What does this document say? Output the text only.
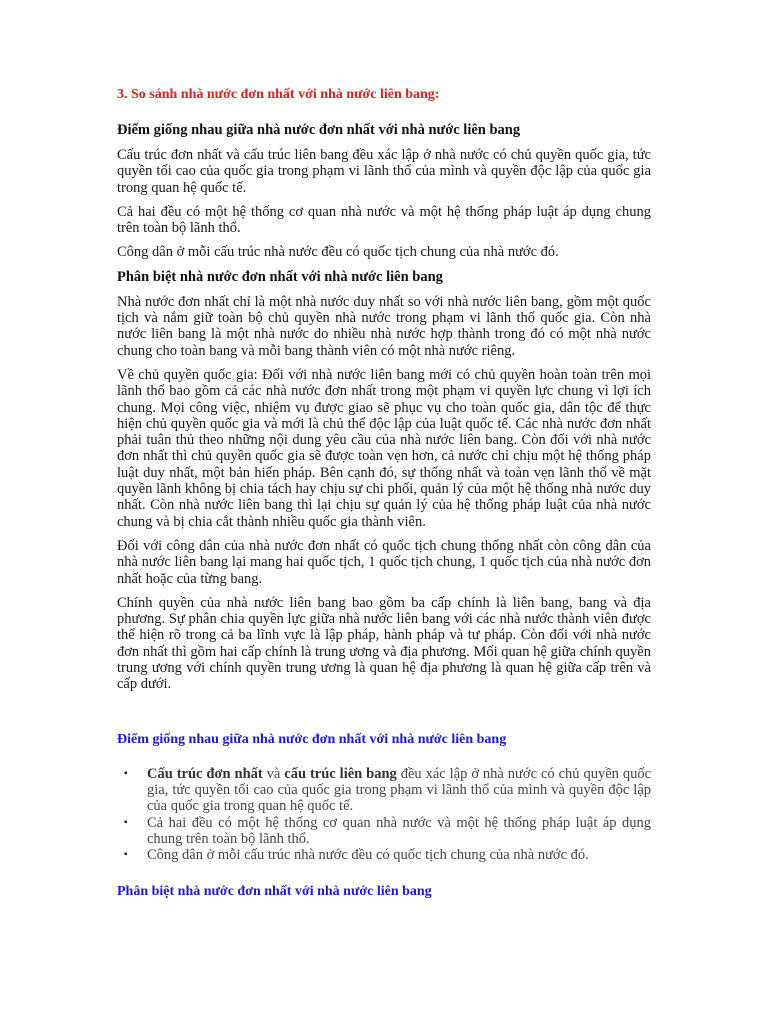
3. So sánh nhà nước đơn nhất với nhà nước liên bang:

Điểm giống nhau giữa nhà nước đơn nhất với nhà nước liên bang

Cấu trúc đơn nhất và cấu trúc liên bang đều xác lập ở nhà nước có chủ quyền quốc gia, tức quyền tối cao của quốc gia trong phạm vi lãnh thổ của mình và quyền độc lập của quốc gia trong quan hệ quốc tế.

Cả hai đều có một hệ thống cơ quan nhà nước và một hệ thống pháp luật áp dụng chung trên toàn bộ lãnh thổ.

Công dân ở mỗi cấu trúc nhà nước đều có quốc tịch chung của nhà nước đó.

Phân biệt nhà nước đơn nhất với nhà nước liên bang

Nhà nước đơn nhất chỉ là một nhà nước duy nhất so với nhà nước liên bang, gồm một quốc tịch và nắm giữ toàn bộ chủ quyền nhà nước trong phạm vi lãnh thổ quốc gia. Còn nhà nước liên bang là một nhà nước do nhiều nhà nước hợp thành trong đó có một nhà nước chung cho toàn bang và mỗi bang thành viên có một nhà nước riêng.

Về chủ quyền quốc gia: Đối với nhà nước liên bang mới có chủ quyền hoàn toàn trên mọi lãnh thổ bao gồm cả các nhà nước đơn nhất trong một phạm vi quyền lực chung vì lợi ích chung. Mọi công việc, nhiệm vụ được giao sẽ phục vụ cho toàn quốc gia, dân tộc để thực hiện chủ quyền quốc gia và mới là chủ thể độc lập của luật quốc tế. Các nhà nước đơn nhất phải tuân thủ theo những nội dung yêu cầu của nhà nước liên bang. Còn đối với nhà nước đơn nhất thì chủ quyền quốc gia sẽ được toàn vẹn hơn, cả nước chỉ chịu một hệ thống pháp luật duy nhất, một bản hiến pháp. Bên cạnh đó, sự thống nhất và toàn vẹn lãnh thổ về mặt quyền lãnh không bị chia tách hay chịu sự chi phối, quản lý của một hệ thống nhà nước duy nhất. Còn nhà nước liên bang thì lại chịu sự quản lý của hệ thống pháp luật của nhà nước chung và bị chia cắt thành nhiều quốc gia thành viên.

Đối với công dân của nhà nước đơn nhất có quốc tịch chung thống nhất còn công dân của nhà nước liên bang lại mang hai quốc tịch, 1 quốc tịch chung, 1 quốc tịch của nhà nước đơn nhất hoặc của từng bang.

Chính quyền của nhà nước liên bang bao gồm ba cấp chính là liên bang, bang và địa phương. Sự phân chia quyền lực giữa nhà nước liên bang với các nhà nước thành viên được thể hiện rõ trong cả ba lĩnh vực là lập pháp, hành pháp và tư pháp. Còn đối với nhà nước đơn nhất thì gồm hai cấp chính là trung ương và địa phương. Mối quan hệ giữa chính quyền trung ương với chính quyền trung ương là quan hệ địa phương là quan hệ giữa cấp trên và cấp dưới.

Điểm giống nhau giữa nhà nước đơn nhất với nhà nước liên bang

▪ Cấu trúc đơn nhất và cấu trúc liên bang đều xác lập ở nhà nước có chủ quyền quốc gia, tức quyền tối cao của quốc gia trong phạm vi lãnh thổ của mình và quyền độc lập của quốc gia trong quan hệ quốc tế.
▪ Cả hai đều có một hệ thống cơ quan nhà nước và một hệ thống pháp luật áp dụng chung trên toàn bộ lãnh thổ.
▪ Công dân ở mỗi cấu trúc nhà nước đều có quốc tịch chung của nhà nước đó.

Phân biệt nhà nước đơn nhất với nhà nước liên bang
